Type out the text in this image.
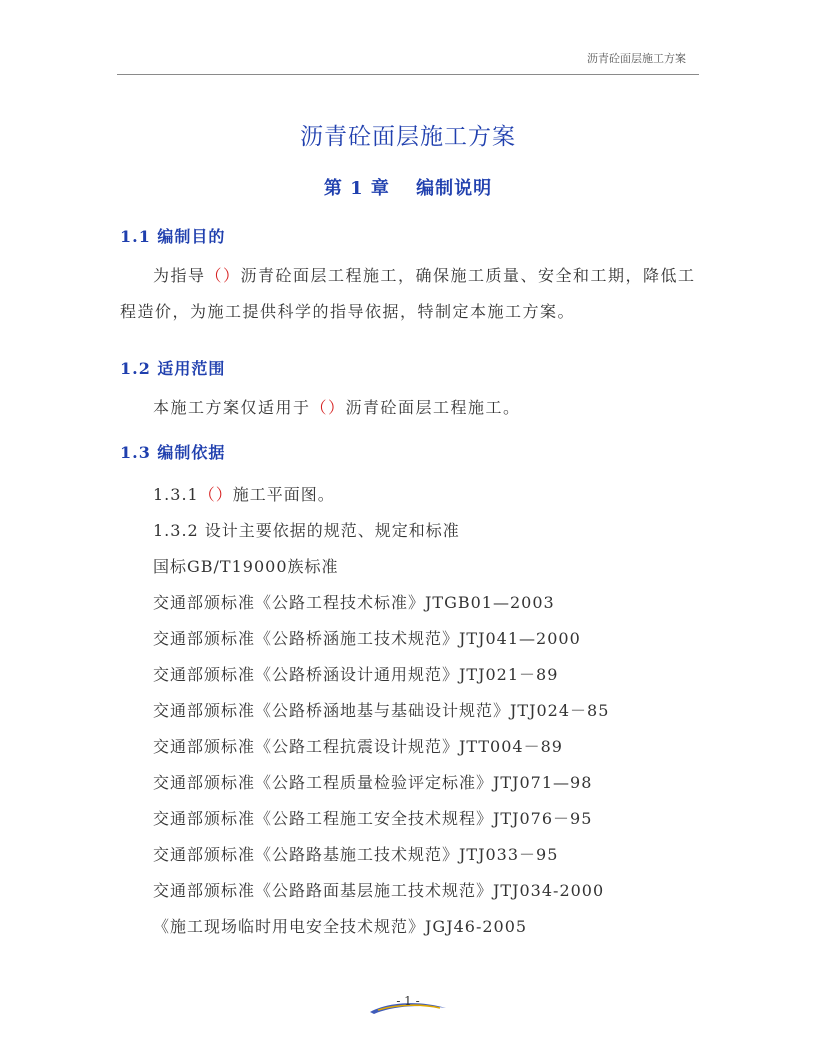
沥青砼面层施工方案
沥青砼面层施工方案
第 1 章　 编制说明
1.1 编制目的
为指导（）沥青砼面层工程施工，确保施工质量、安全和工期，降低工程造价，为施工提供科学的指导依据，特制定本施工方案。
1.2 适用范围
本施工方案仅适用于（）沥青砼面层工程施工。
1.3 编制依据
1.3.1（）施工平面图。
1.3.2 设计主要依据的规范、规定和标准
国标GB/T19000族标准
交通部颁标准《公路工程技术标准》JTGB01—2003
交通部颁标准《公路桥涵施工技术规范》JTJ041—2000
交通部颁标准《公路桥涵设计通用规范》JTJ021－89
交通部颁标准《公路桥涵地基与基础设计规范》JTJ024－85
交通部颁标准《公路工程抗震设计规范》JTT004－89
交通部颁标准《公路工程质量检验评定标准》JTJ071—98
交通部颁标准《公路工程施工安全技术规程》JTJ076－95
交通部颁标准《公路路基施工技术规范》JTJ033－95
交通部颁标准《公路路面基层施工技术规范》JTJ034-2000
《施工现场临时用电安全技术规范》JGJ46-2005
- 1 -
